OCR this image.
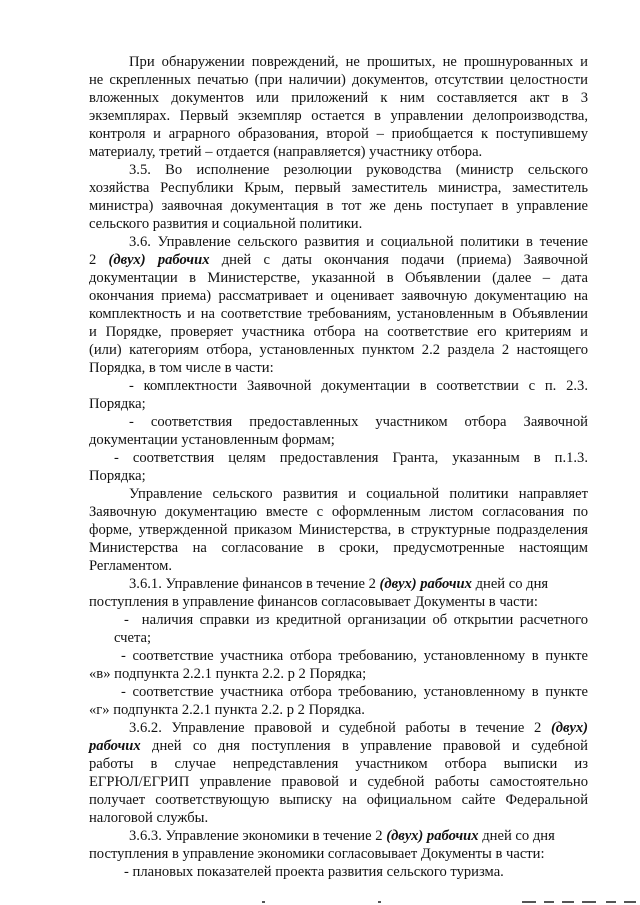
При обнаружении повреждений, не прошитых, не прошнурованных и
не скрепленных печатью (при наличии) документов, отсутствии целостности
вложенных документов или приложений к ним составляется акт в 3
экземплярах. Первый экземпляр остается в управлении делопроизводства,
контроля и аграрного образования, второй – приобщается к поступившему
материалу, третий – отдается (направляется) участнику отбора.
3.5. Во исполнение резолюции руководства (министр сельского
хозяйства Республики Крым, первый заместитель министра, заместитель
министра) заявочная документация в тот же день поступает в управление
сельского развития и социальной политики.
3.6. Управление сельского развития и социальной политики в течение
2 (двух) рабочих дней с даты окончания подачи (приема) Заявочной
документации в Министерстве, указанной в Объявлении (далее – дата
окончания приема) рассматривает и оценивает заявочную документацию на
комплектность и на соответствие требованиям, установленным в Объявлении
и Порядке, проверяет участника отбора на соответствие его критериям и
(или) категориям отбора, установленных пунктом 2.2 раздела 2 настоящего
Порядка, в том числе в части:
- комплектности Заявочной документации в соответствии с п. 2.3.
Порядка;
- соответствия предоставленных участником отбора Заявочной
документации установленным формам;
- соответствия целям предоставления Гранта, указанным в п.1.3.
Порядка;
Управление сельского развития и социальной политики направляет
Заявочную документацию вместе с оформленным листом согласования по
форме, утвержденной приказом Министерства, в структурные подразделения
Министерства на согласование в сроки, предусмотренные настоящим
Регламентом.
3.6.1. Управление финансов в течение 2 (двух) рабочих дней со дня
поступления в управление финансов согласовывает Документы в части:
-  наличия справки из кредитной организации об открытии расчетного
счета;
- соответствие участника отбора требованию, установленному в пункте
«в» подпункта 2.2.1 пункта 2.2. р 2 Порядка;
- соответствие участника отбора требованию, установленному в пункте
«г» подпункта 2.2.1 пункта 2.2. р 2 Порядка.
3.6.2. Управление правовой и судебной работы в течение 2 (двух)
рабочих дней со дня поступления в управление правовой и судебной
работы в случае непредставления участником отбора выписки из
ЕГРЮЛ/ЕГРИП управление правовой и судебной работы самостоятельно
получает соответствующую выписку на официальном сайте Федеральной
налоговой службы.
3.6.3. Управление экономики в течение 2 (двух) рабочих дней со дня
поступления в управление экономики согласовывает Документы в части:
- плановых показателей проекта развития сельского туризма.
